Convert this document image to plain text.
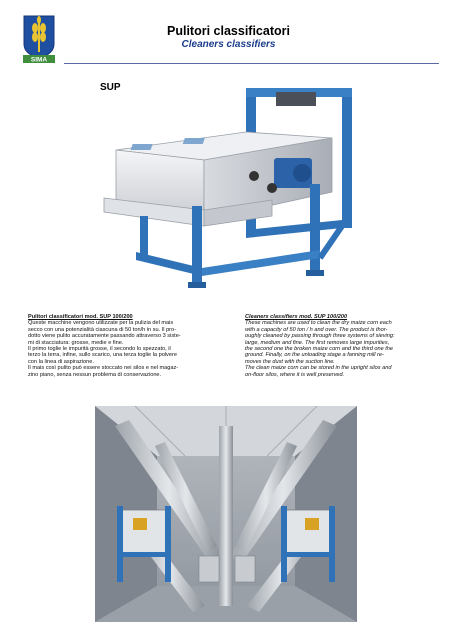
SIMA
Pulitori classificatori
Cleaners classifiers
SUP

Pulitori classificatori mod. SUP 100/200

Queste macchine vengono utilizzate per la pulizia del mais

secco con una potenzialità ciascuna di 50 ton/h in su. Il pro-

dotto viene pulito accuratamente passando attraverso 3 siste-

mi di stacciatura: grosse, medie e fine.

Il primo toglie le impurità grosse, il secondo lo spezzato, il

terzo la terra, infine, sullo scarico, una terza toglie la polvere

con la linea di aspirazione.

Il mais così pulito può essere stoccato nei silos e nel magaz-

zino piano, senza nessun problema di conservazione.

Cleaners classifiers mod. SUP 100/200

These machines are used to clean the dry maize corn each

with a capacity of 50 ton / h and over. The product is thor-

oughly cleaned by passing through three systems of sieving:

large, medium and fine. The first removes large impurities,

the second one the broken maize corn and the third one the

ground. Finally, on the unloading stage a fanning mill re-

moves the dust with the suction line.

The clean maize corn can be stored in the upright silos and

on-floor silos, where it is well preserved.
